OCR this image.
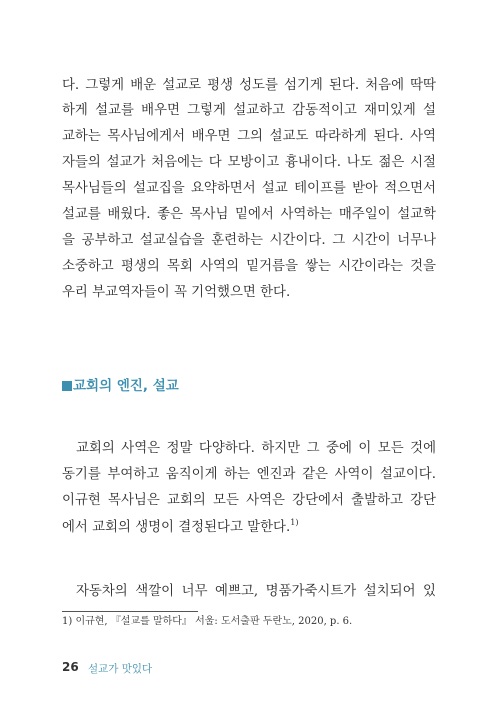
다. 그렇게 배운 설교로 평생 성도를 섬기게 된다. 처음에 딱딱

하게 설교를 배우면 그렇게 설교하고 감동적이고 재미있게 설

교하는 목사님에게서 배우면 그의 설교도 따라하게 된다. 사역

자들의 설교가 처음에는 다 모방이고 흉내이다. 나도 젊은 시절

목사님들의 설교집을 요약하면서 설교 테이프를 받아 적으면서

설교를 배웠다. 좋은 목사님 밑에서 사역하는 매주일이 설교학

을 공부하고 설교실습을 훈련하는 시간이다. 그 시간이 너무나

소중하고 평생의 목회 사역의 밑거름을 쌓는 시간이라는 것을

우리 부교역자들이 꼭 기억했으면 한다.

교회의 엔진, 설교

교회의 사역은 정말 다양하다. 하지만 그 중에 이 모든 것에

동기를 부여하고 움직이게 하는 엔진과 같은 사역이 설교이다.

이규현 목사님은 교회의 모든 사역은 강단에서 출발하고 강단

에서 교회의 생명이 결정된다고 말한다.$^{1)}$

자동차의 색깔이 너무 예쁘고, 명품가죽시트가 설치되어 있

1) 이규현, 『설교를 말하다』 서울: 도서출판 두란노, 2020, p. 6.

26 설교가 맛있다
